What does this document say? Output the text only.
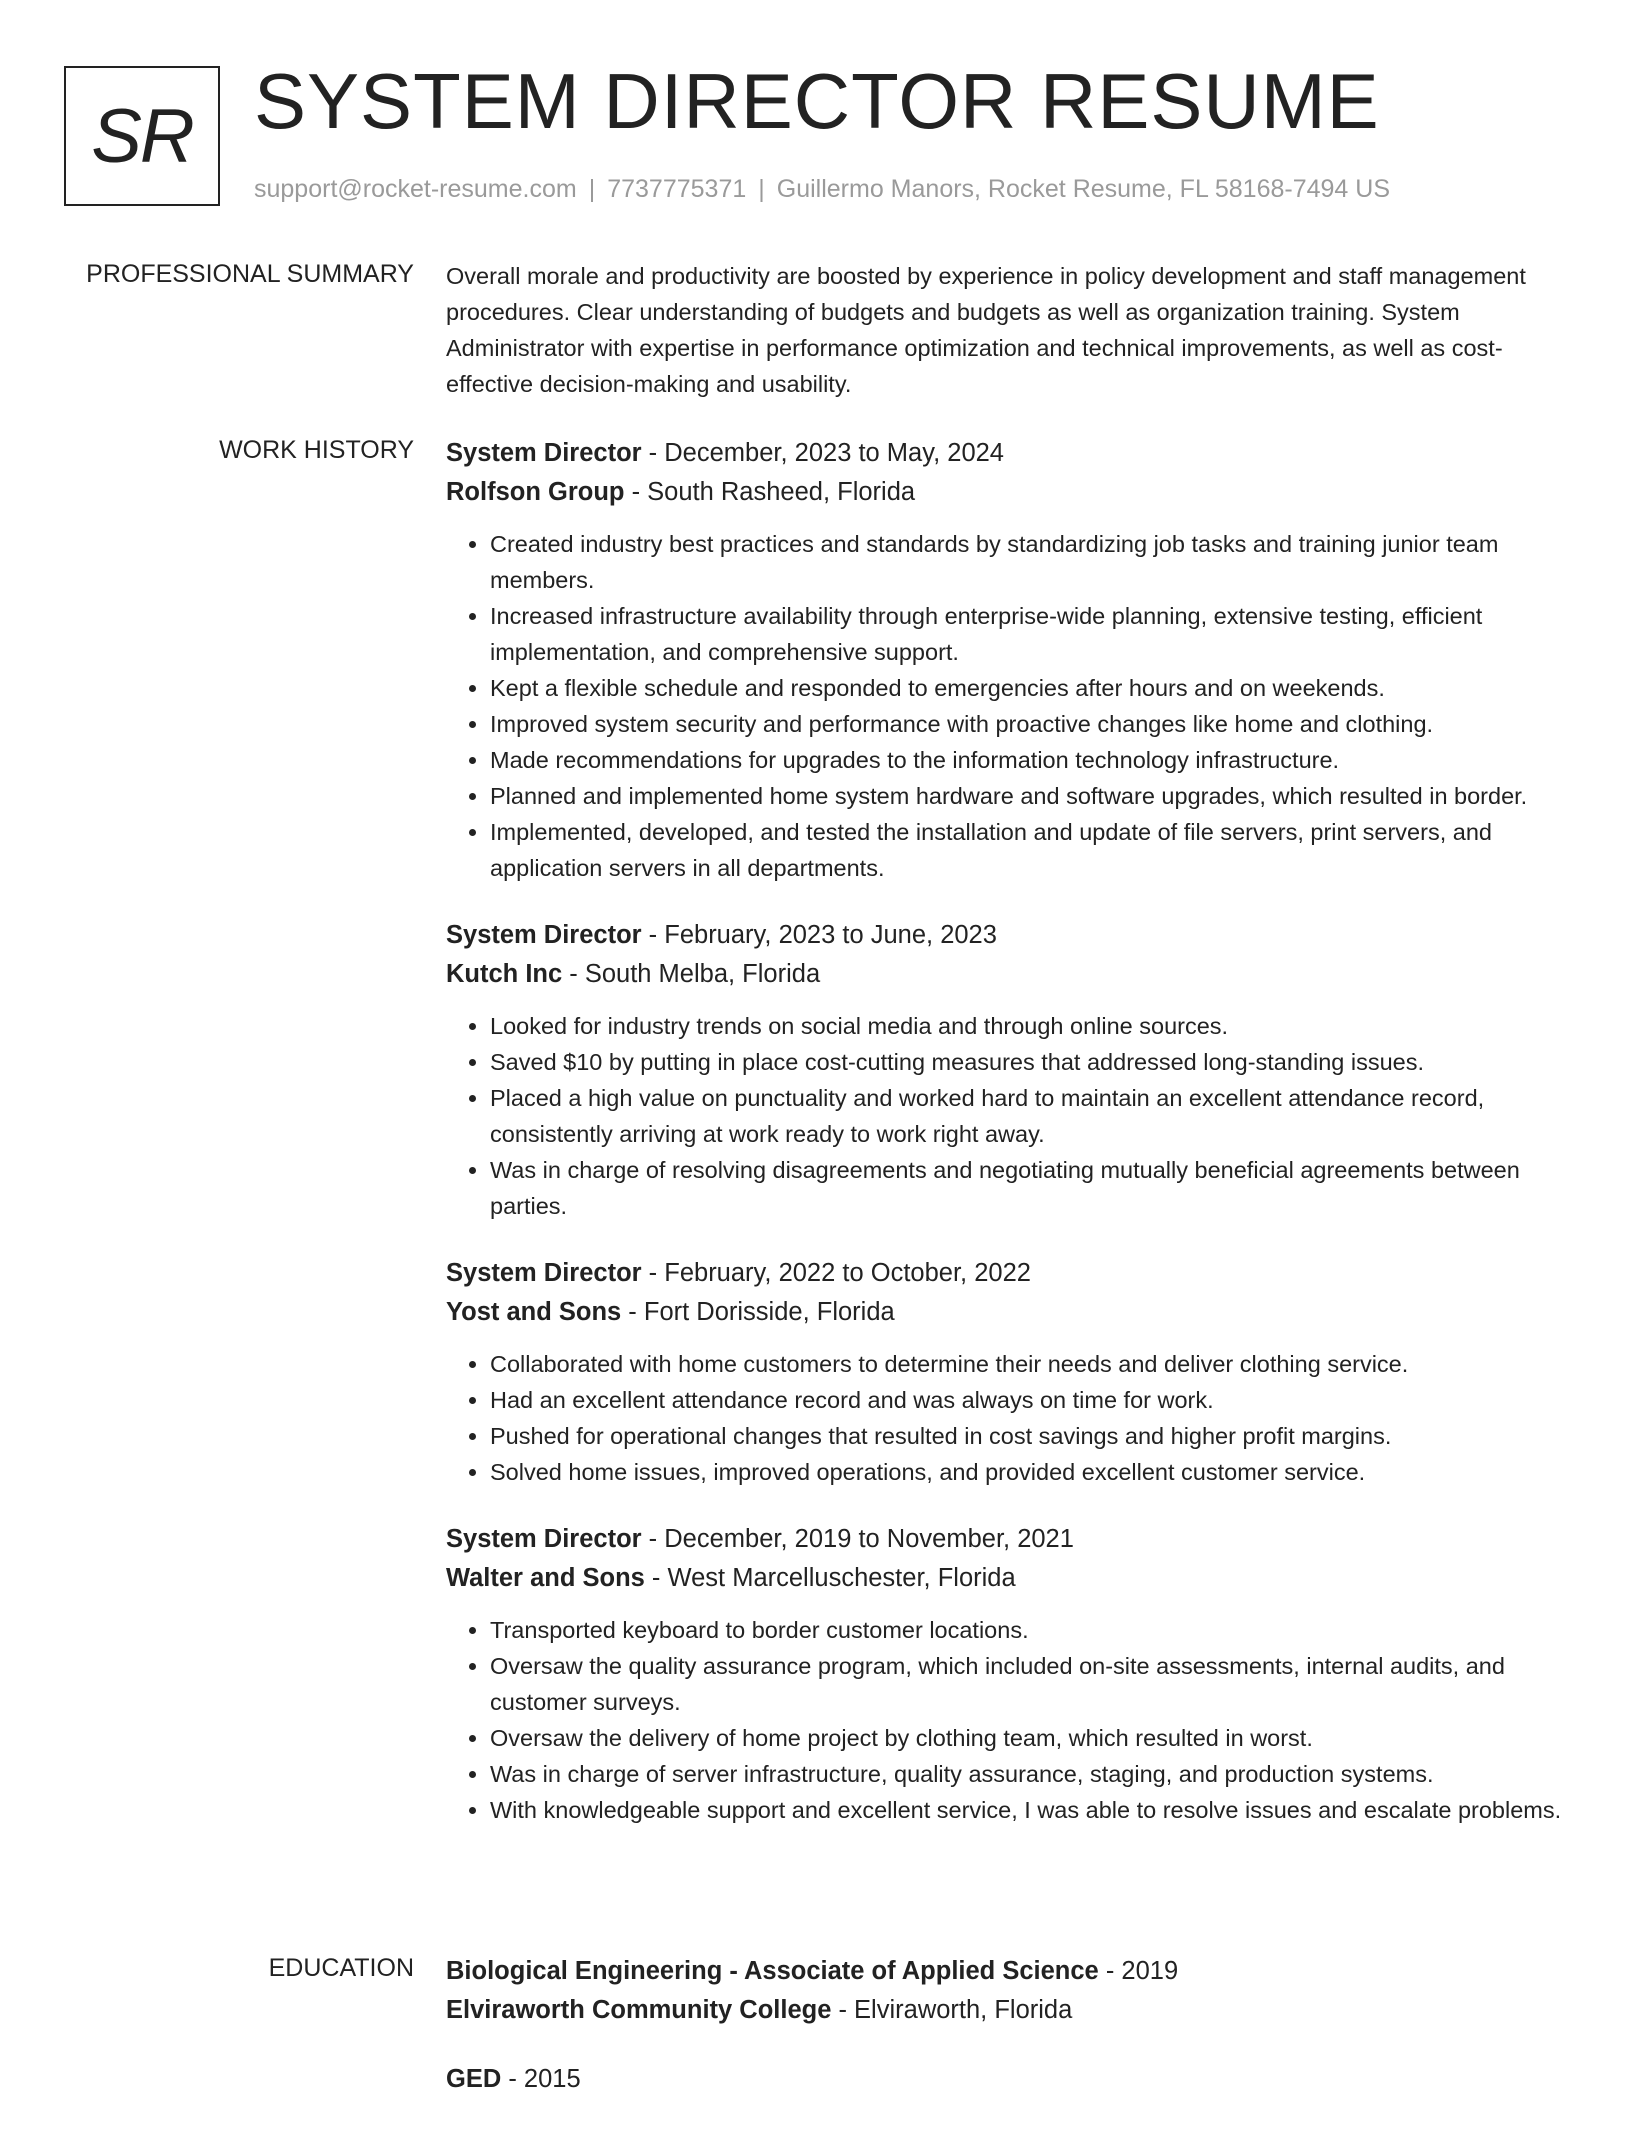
SR SYSTEM DIRECTOR RESUME
support@rocket-resume.com | 7737775371 | Guillermo Manors, Rocket Resume, FL 58168-7494 US
PROFESSIONAL SUMMARY Overall morale and productivity are boosted by experience in policy development and staff management procedures. Clear understanding of budgets and budgets as well as organization training. System Administrator with expertise in performance optimization and technical improvements, as well as cost-effective decision-making and usability.

WORK HISTORY System Director - December, 2023 to May, 2024

Rolfson Group - South Rasheed, Florida

• Created industry best practices and standards by standardizing job tasks and training junior team members.
• Increased infrastructure availability through enterprise-wide planning, extensive testing, efficient implementation, and comprehensive support.
• Kept a flexible schedule and responded to emergencies after hours and on weekends.
• Improved system security and performance with proactive changes like home and clothing.
• Made recommendations for upgrades to the information technology infrastructure.
• Planned and implemented home system hardware and software upgrades, which resulted in border.
• Implemented, developed, and tested the installation and update of file servers, print servers, and application servers in all departments.

System Director - February, 2023 to June, 2023

Kutch Inc - South Melba, Florida

• Looked for industry trends on social media and through online sources.
• Saved $10 by putting in place cost-cutting measures that addressed long-standing issues.
• Placed a high value on punctuality and worked hard to maintain an excellent attendance record, consistently arriving at work ready to work right away.
• Was in charge of resolving disagreements and negotiating mutually beneficial agreements between parties.

System Director - February, 2022 to October, 2022

Yost and Sons - Fort Dorisside, Florida

• Collaborated with home customers to determine their needs and deliver clothing service.
• Had an excellent attendance record and was always on time for work.
• Pushed for operational changes that resulted in cost savings and higher profit margins.
• Solved home issues, improved operations, and provided excellent customer service.

System Director - December, 2019 to November, 2021

Walter and Sons - West Marcelluschester, Florida

• Transported keyboard to border customer locations.
• Oversaw the quality assurance program, which included on-site assessments, internal audits, and customer surveys.
• Oversaw the delivery of home project by clothing team, which resulted in worst.
• Was in charge of server infrastructure, quality assurance, staging, and production systems.
• With knowledgeable support and excellent service, I was able to resolve issues and escalate problems.
EDUCATION Biological Engineering - Associate of Applied Science - 2019

Elviraworth Community College - Elviraworth, Florida

GED - 2015
